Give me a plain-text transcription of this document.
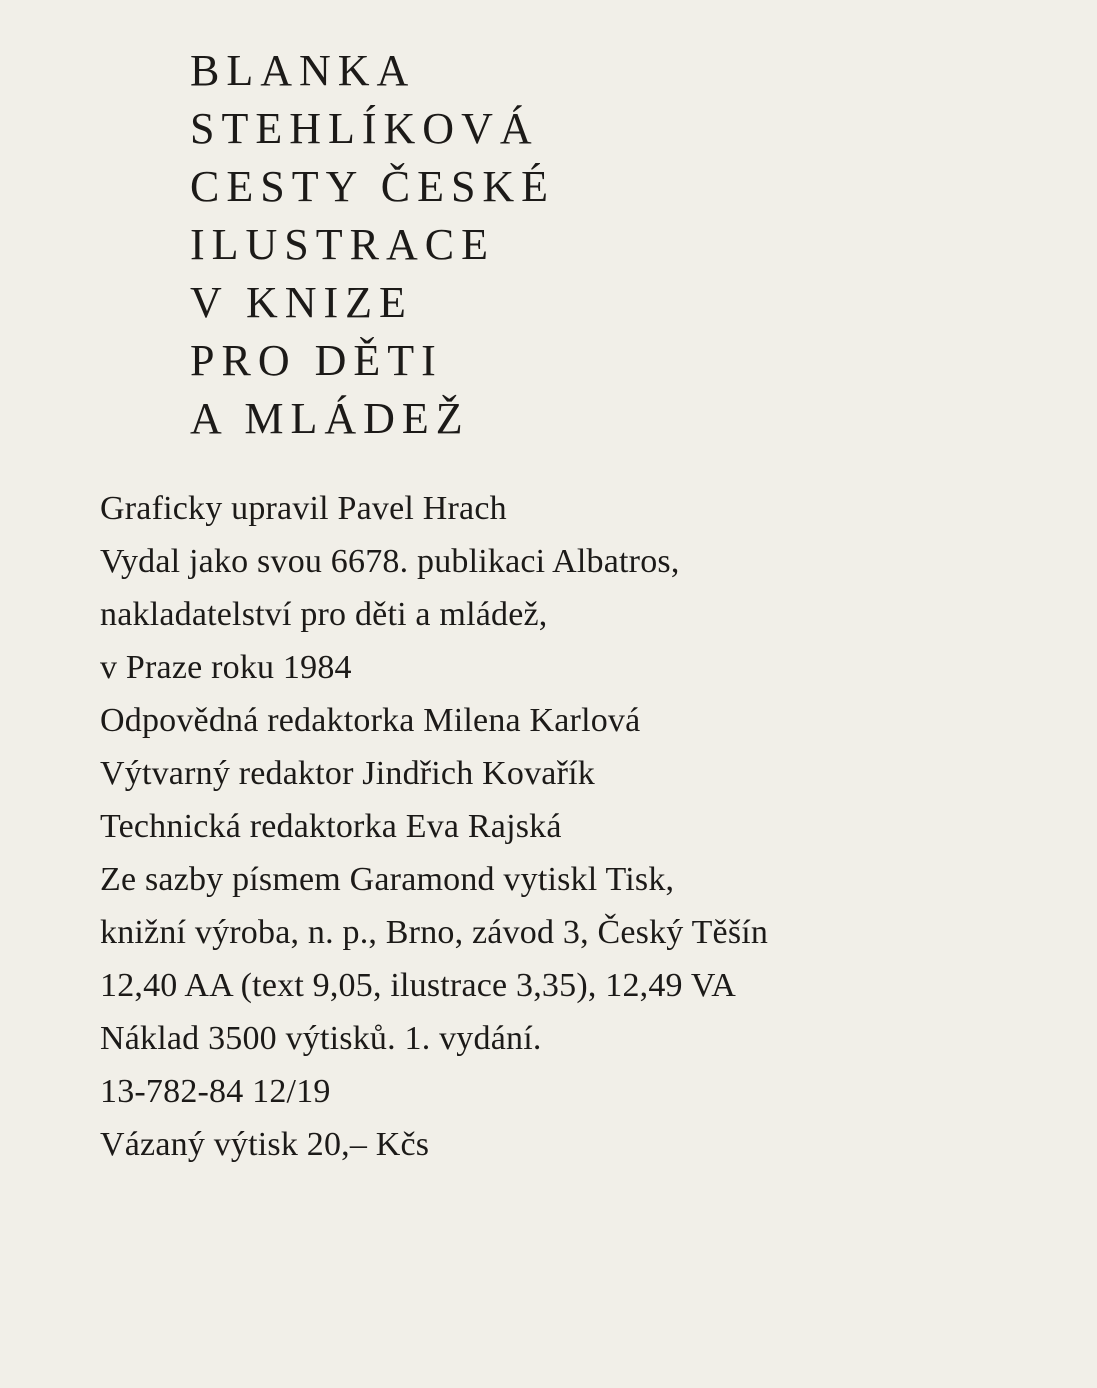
BLANKA
STEHLÍKOVÁ
CESTY ČESKÉ
ILUSTRACE
V KNIZE
PRO DĚTI
A MLÁDEŽ
Graficky upravil Pavel Hrach
Vydal jako svou 6678. publikaci Albatros,
nakladatelství pro děti a mládež,
v Praze roku 1984
Odpovědná redaktorka Milena Karlová
Výtvarný redaktor Jindřich Kovařík
Technická redaktorka Eva Rajská
Ze sazby písmem Garamond vytiskl Tisk,
knižní výroba, n. p., Brno, závod 3, Český Těšín
12,40 AA (text 9,05, ilustrace 3,35), 12,49 VA
Náklad 3500 výtisků. 1. vydání.
13-782-84 12/19
Vázaný výtisk 20,– Kčs
